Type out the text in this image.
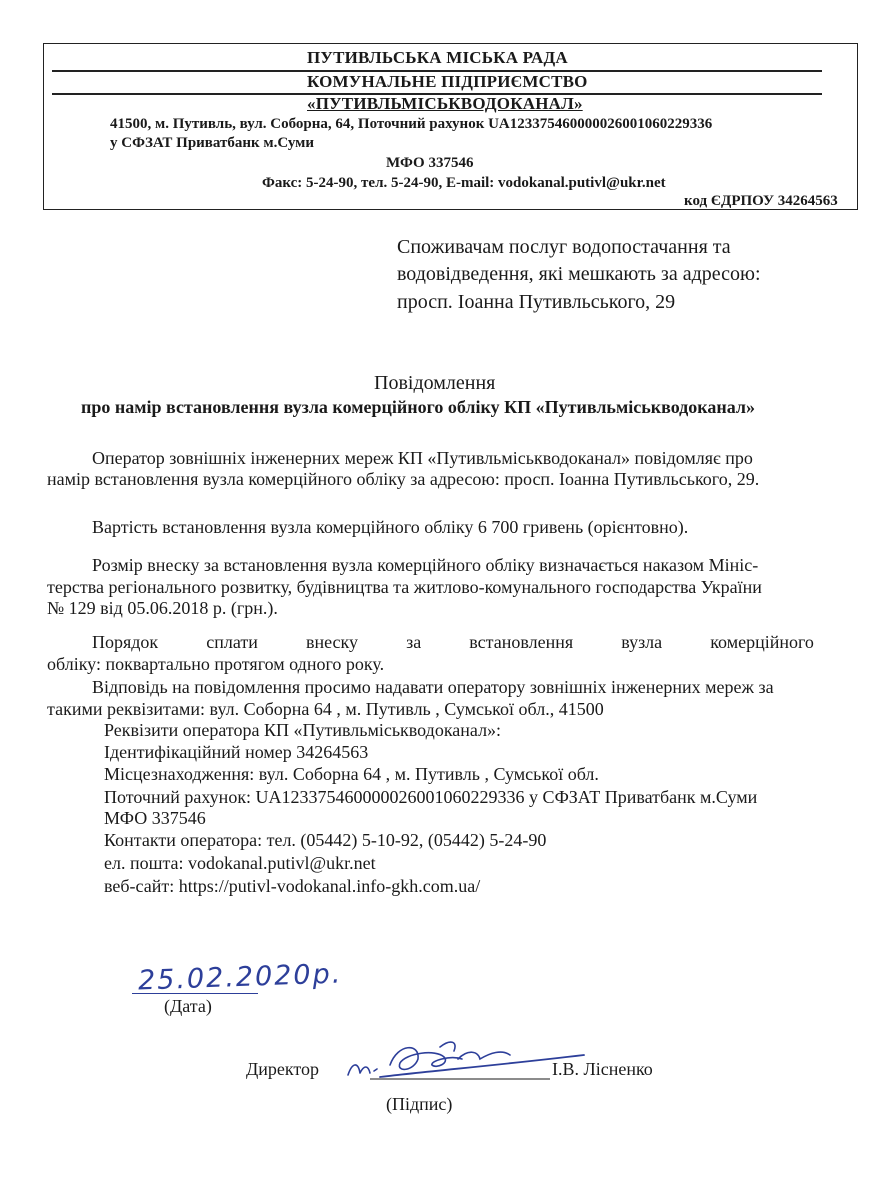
ПУТИВЛЬСЬКА МІСЬКА РАДА
КОМУНАЛЬНЕ ПІДПРИЄМСТВО
«ПУТИВЛЬМІСЬКВОДОКАНАЛ»
41500, м. Путивль, вул. Соборна, 64, Поточний рахунок UA123375460000026001060229336
у СФЗАТ Приватбанк м.Суми
МФО 337546
Факс: 5-24-90, тел. 5-24-90, E-mail: vodokanal.putivl@ukr.net
код ЄДРПОУ 34264563
Споживачам послуг водопостачання та
водовідведення, які мешкають за адресою:
просп. Іоанна Путивльського, 29
Повідомлення
про намір встановлення вузла комерційного обліку КП «Путивльміськводоканал»
Оператор зовнішніх інженерних мереж КП «Путивльміськводоканал» повідомляє про
намір встановлення вузла комерційного обліку за адресою: просп. Іоанна Путивльського, 29.
Вартість встановлення вузла комерційного обліку 6 700 гривень (орієнтовно).
Розмір внеску за встановлення вузла комерційного обліку визначається наказом Мініс-
терства регіонального розвитку, будівництва та житлово-комунального господарства України
№ 129 від 05.06.2018 р. (грн.).
Порядок	сплати	внеску	за	встановлення	вузла	комерційного
обліку: поквартально протягом одного року.
Відповідь на повідомлення просимо надавати оператору зовнішніх інженерних мереж за
такими реквізитами: вул. Соборна 64 , м. Путивль , Сумської обл., 41500
Реквізити оператора КП «Путивльміськводоканал»:
Ідентифікаційний номер 34264563
Місцезнаходження: вул. Соборна 64 , м. Путивль , Сумської обл.
Поточний рахунок: UA123375460000026001060229336 у СФЗАТ Приватбанк м.Суми
МФО 337546
Контакти оператора: тел. (05442) 5-10-92, (05442) 5-24-90
ел. пошта: vodokanal.putivl@ukr.net
веб-сайт: https://putivl-vodokanal.info-gkh.com.ua/
25.02.2020р.
(Дата)
Директор	І.В. Лісненко
(Підпис)
